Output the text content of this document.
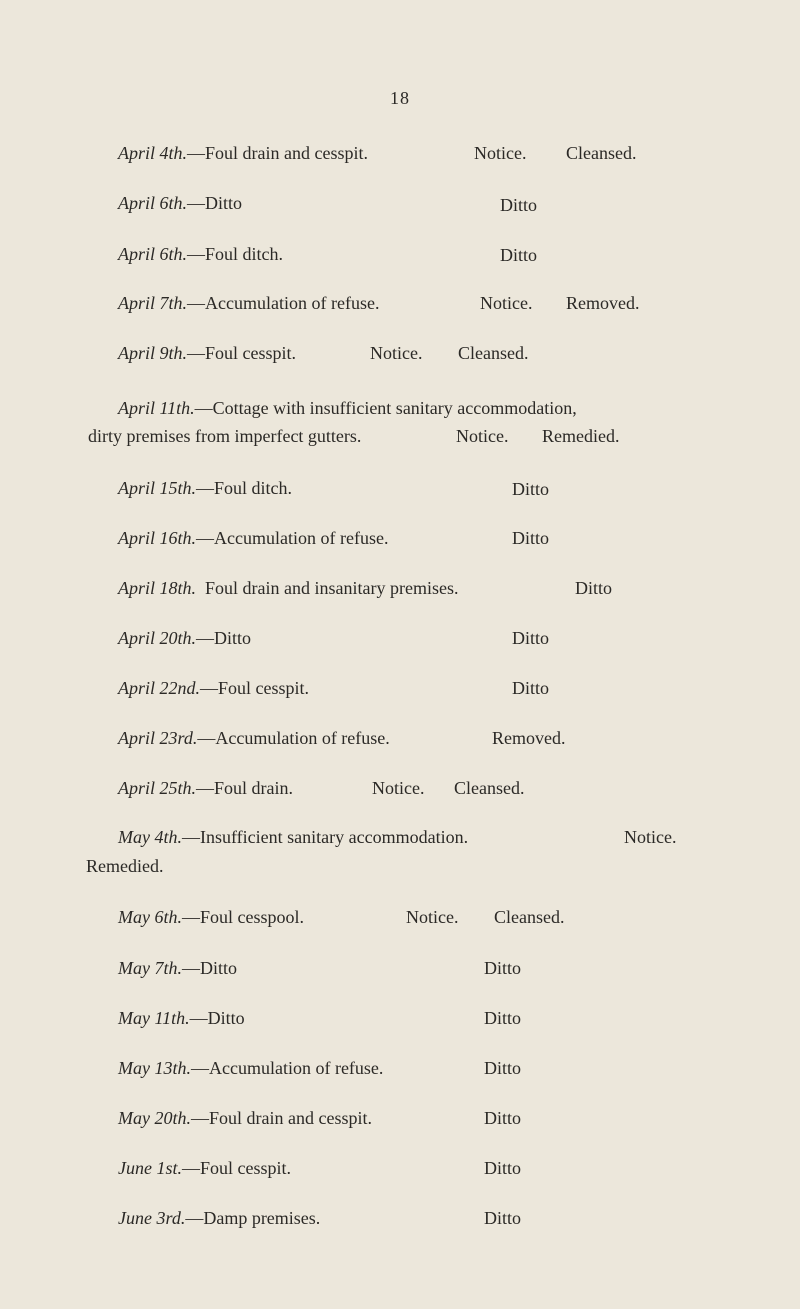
18
April 4th.—Foul drain and cesspit.	Notice. Cleansed.
April 6th.—Ditto	Ditto
April 6th.—Foul ditch.	Ditto
April 7th.—Accumulation of refuse.	Notice. Removed.
April 9th.—Foul cesspit.	Notice. Cleansed.
April 11th.—Cottage with insufficient sanitary accommodation,
dirty premises from imperfect gutters.	Notice. Remedied.
April 15th.—Foul ditch.	Ditto
April 16th.—Accumulation of refuse.	Ditto
April 18th. Foul drain and insanitary premises.	Ditto
April 20th.—Ditto	Ditto
April 22nd.—Foul cesspit.	Ditto
April 23rd.—Accumulation of refuse.	Removed.
April 25th.—Foul drain.	Notice. Cleansed.
May 4th.—Insufficient sanitary accommodation.	Notice.
Remedied.
May 6th.—Foul cesspool.	Notice. Cleansed.
May 7th.—Ditto	Ditto
May 11th.—Ditto	Ditto
May 13th.—Accumulation of refuse.	Ditto
May 20th.—Foul drain and cesspit.	Ditto
June 1st.—Foul cesspit.	Ditto
June 3rd.—Damp premises.	Ditto
